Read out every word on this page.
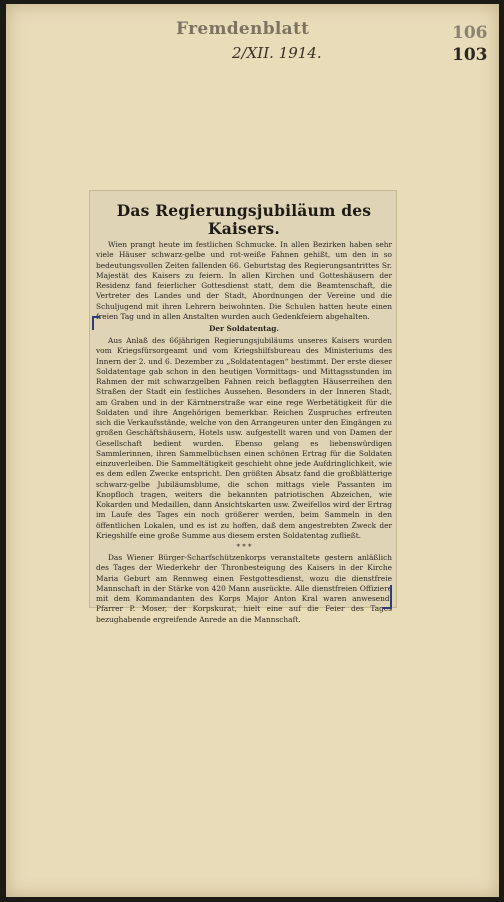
Fremdenblatt
2/XII. 1914.
106
103
Das Regierungsjubiläum des Kaisers.

Wien prangt heute im festlichen Schmucke. In allen Bezirken haben sehr viele Häuser schwarz-gelbe und rot-weiße Fahnen gehißt, um den in so bedeutungsvollen Zeiten fallenden 66. Geburtstag des Regierungsantrittes Sr. Majestät des Kaisers zu feiern. In allen Kirchen und Gotteshäusern der Residenz fand feierlicher Gottesdienst statt, dem die Beamtenschaft, die Vertreter des Landes und der Stadt, Abordnungen der Vereine und die Schuljugend mit ihren Lehrern beiwohnten. Die Schulen hatten heute einen freien Tag und in allen Anstalten wurden auch Gedenkfeiern abgehalten.

Der Soldatentag.

Aus Anlaß des 66jährigen Regierungsjubiläums unseres Kaisers wurden vom Kriegsfürsorgeamt und vom Kriegshilfsbureau des Ministeriums des Innern der 2. und 6. Dezember zu „Soldatentagen“ bestimmt. Der erste dieser Soldatentage gab schon in den heutigen Vormittags- und Mittagsstunden im Rahmen der mit schwarzgelben Fahnen reich beflaggten Häuserreihen den Straßen der Stadt ein festliches Aussehen. Besonders in der Inneren Stadt, am Graben und in der Kärntnerstraße war eine rege Werbetätigkeit für die Soldaten und ihre Angehörigen bemerkbar. Reichen Zuspruches erfreuten sich die Verkaufsstände, welche von den Arrangeuren unter den Eingängen zu großen Geschäftshäusern, Hotels usw. aufgestellt waren und von Damen der Gesellschaft bedient wurden. Ebenso gelang es liebenswürdigen Sammlerinnen, ihren Sammelbüchsen einen schönen Ertrag für die Soldaten einzuverleiben. Die Sammeltätigkeit geschieht ohne jede Aufdringlichkeit, wie es dem edlen Zwecke entspricht. Den größten Absatz fand die großblätterige schwarz-gelbe Jubiläumsblume, die schon mittags viele Passanten im Knopfloch tragen, weiters die bekannten patriotischen Abzeichen, wie Kokarden und Medaillen, dann Ansichtskarten usw. Zweifellos wird der Ertrag im Laufe des Tages ein noch größerer werden, beim Sammeln in den öffentlichen Lokalen, und es ist zu hoffen, daß dem angestrebten Zweck der Kriegshilfe eine große Summe aus diesem ersten Soldatentag zufließt.

* * *

Das Wiener Bürger-Scharfschützenkorps veranstaltete gestern anläßlich des Tages der Wiederkehr der Thronbesteigung des Kaisers in der Kirche Maria Geburt am Rennweg einen Festgottesdienst, wozu die dienstfreie Mannschaft in der Stärke von 420 Mann ausrückte. Alle dienstfreien Offiziere mit dem Kommandanten des Korps Major Anton Kral waren anwesend. Pfarrer P. Moser, der Korpskurat, hielt eine auf die Feier des Tages bezughabende ergreifende Anrede an die Mannschaft.
